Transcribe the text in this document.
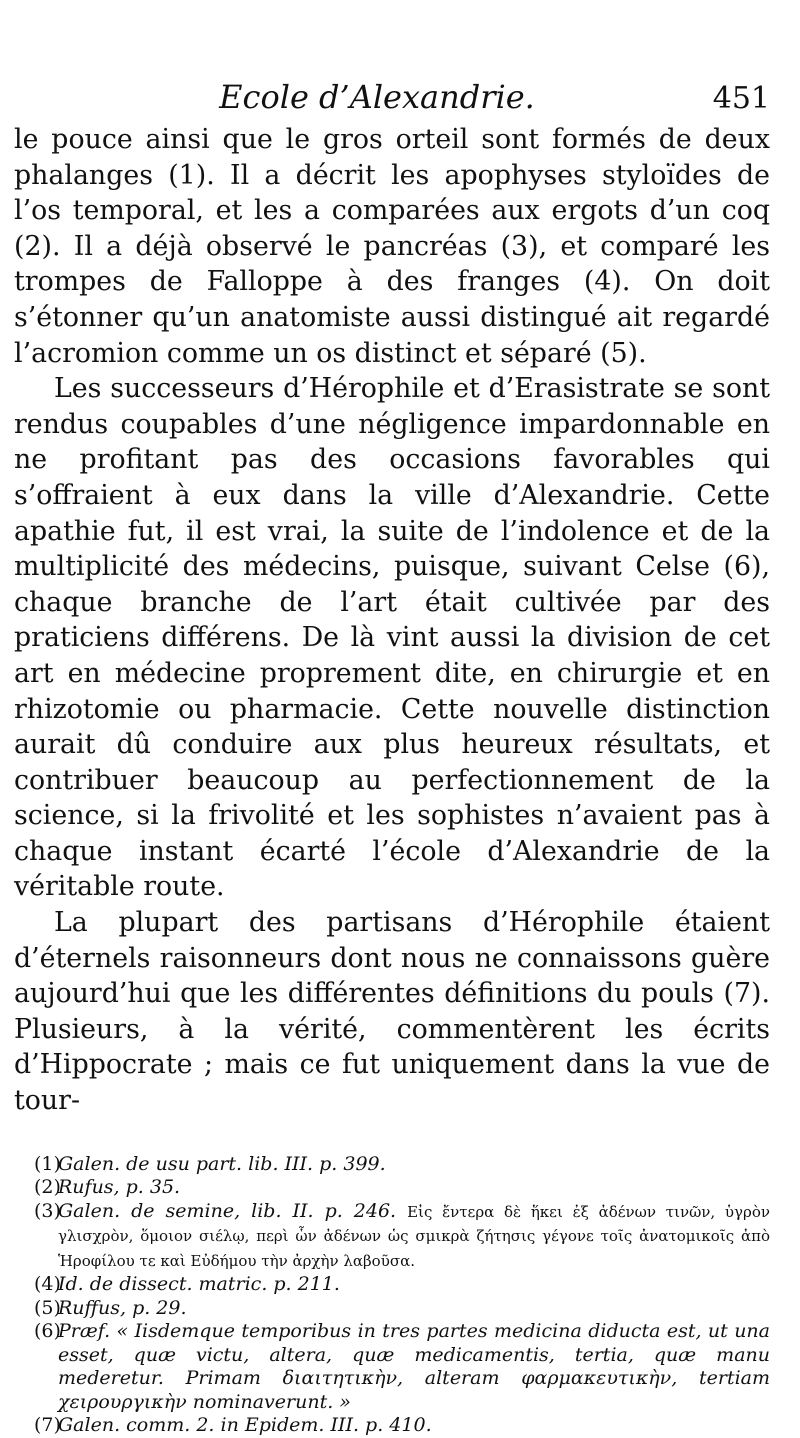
Ecole d’Alexandrie.	451

le pouce ainsi que le gros orteil sont formés de deux phalanges (1). Il a décrit les apophyses styloïdes de l’os temporal, et les a comparées aux ergots d’un coq (2). Il a déjà observé le pancréas (3), et comparé les trompes de Falloppe à des franges (4). On doit s’étonner qu’un anatomiste aussi distingué ait regardé l’acromion comme un os distinct et séparé (5).

Les successeurs d’Hérophile et d’Erasistrate se sont rendus coupables d’une négligence impardonnable en ne profitant pas des occasions favorables qui s’offraient à eux dans la ville d’Alexandrie. Cette apathie fut, il est vrai, la suite de l’indolence et de la multiplicité des médecins, puisque, suivant Celse (6), chaque branche de l’art était cultivée par des praticiens différens. De là vint aussi la division de cet art en médecine proprement dite, en chirurgie et en rhizotomie ou pharmacie. Cette nouvelle distinction aurait dû conduire aux plus heureux résultats, et contribuer beaucoup au perfectionnement de la science, si la frivolité et les sophistes n’avaient pas à chaque instant écarté l’école d’Alexandrie de la véritable route.

La plupart des partisans d’Hérophile étaient d’éternels raisonneurs dont nous ne connaissons guère aujourd’hui que les différentes définitions du pouls (7). Plusieurs, à la vérité, commentèrent les écrits d’Hippocrate ; mais ce fut uniquement dans la vue de tour-

(1)
Galen. de usu part. lib. III. p. 399.
(2)
Rufus, p. 35.
(3)
Galen. de semine, lib. II. p. 246. Εἰς ἔντερα δὲ ἥκει ἐξ ἀδένων τινῶν, ὑγρὸν γλισχρὸν, ὅμοιον σιέλῳ, περὶ ὧν ἀδένων ὡς σμικρὰ ζήτησις γέγονε τοῖς ἀνατομικοῖς ἀπὸ Ἡροφίλου τε καὶ Εὐδήμου τὴν ἀρχὴν λαβοῦσα.
(4)
Id. de dissect. matric. p. 211.
(5)
Ruffus, p. 29.
(6)
Præf. « Iisdemque temporibus in tres partes medicina diducta est, ut una esset, quæ victu, altera, quæ medicamentis, tertia, quæ manu mederetur. Primam διαιτητικὴν, alteram φαρμακευτικὴν, tertiam χειρουργικὴν nominaverunt. »
(7)
Galen. comm. 2. in Epidem. III. p. 410.
